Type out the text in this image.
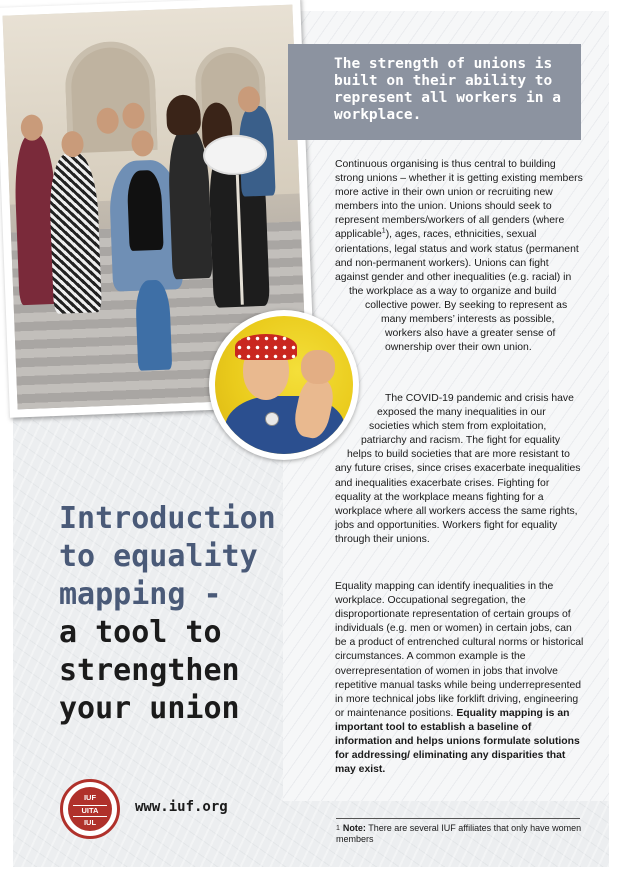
The strength of unions is built on their ability to represent all workers in a workplace.
Continuous organising is thus central to building strong unions – whether it is getting existing members more active in their own union or recruiting new members into the union. Unions should seek to represent members/workers of all genders (where applicable$^1$), ages, races, ethnicities, sexual orientations, legal status and work status (permanent and non-permanent workers). Unions can fight against gender and other inequalities (e.g. racial) in the workplace as a way to organize and build collective power. By seeking to represent as many members’ interests as possible, workers also have a greater sense of ownership over their own union.
The COVID-19 pandemic and crisis have exposed the many inequalities in our societies which stem from exploitation, patriarchy and racism. The fight for equality helps to build societies that are more resistant to any future crises, since crises exacerbate inequalities and inequalities exacerbate crises. Fighting for equality at the workplace means fighting for a workplace where all workers access the same rights, jobs and opportunities. Workers fight for equality through their unions.
Equality mapping can identify inequalities in the workplace. Occupational segregation, the disproportionate representation of certain groups of individuals (e.g. men or women) in certain jobs, can be a product of entrenched cultural norms or historical circumstances. A common example is the overrepresentation of women in jobs that involve repetitive manual tasks while being underrepresented in more technical jobs like forklift driving, engineering or maintenance positions. Equality mapping is an important tool to establish a baseline of information and helps unions formulate solutions for addressing/ eliminating any disparities that may exist.
Introduction
to equality
mapping -
a tool to
strengthen
your union
IUF
UITA
IUL
www.iuf.org
$^1$ Note: There are several IUF affiliates that only have women members
